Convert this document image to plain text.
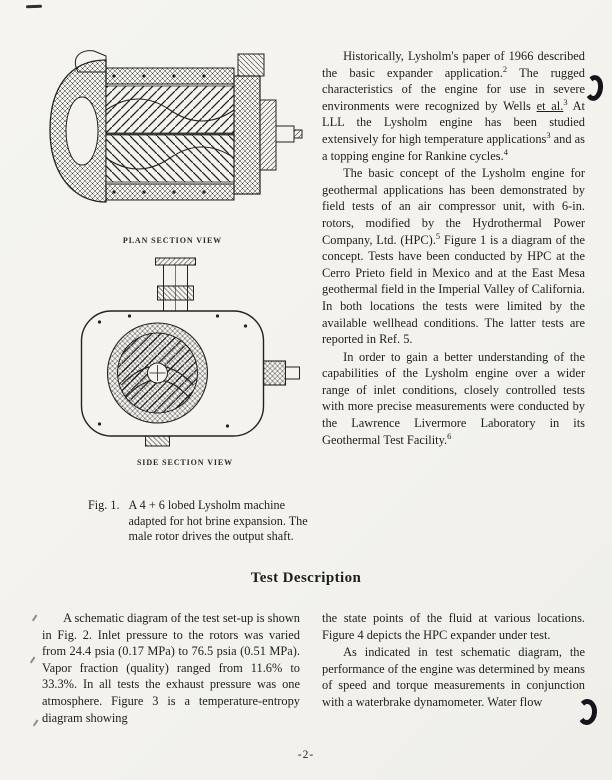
PLAN SECTION VIEW
SIDE SECTION VIEW
Fig. 1. A 4 + 6 lobed Lysholm machine adapted for hot brine expansion. The male rotor drives the output shaft.

Historically, Lysholm's paper of 1966 described the basic expander application.$^2$ The rugged characteristics of the engine for use in severe environments were recognized by Wells et al.$^3$ At LLL the Lysholm engine has been studied extensively for high temperature applications$^3$ and as a topping engine for Rankine cycles.$^4$

The basic concept of the Lysholm engine for geothermal applications has been demonstrated by field tests of an air compressor unit, with 6-in. rotors, modified by the Hydrothermal Power Company, Ltd. (HPC).$^5$ Figure 1 is a diagram of the concept. Tests have been conducted by HPC at the Cerro Prieto field in Mexico and at the East Mesa geothermal field in the Imperial Valley of California. In both locations the tests were limited by the available wellhead conditions. The latter tests are reported in Ref. 5.

In order to gain a better understanding of the capabilities of the Lysholm engine over a wider range of inlet conditions, closely controlled tests with more precise measurements were conducted by the Lawrence Livermore Laboratory in its Geothermal Test Facility.$^6$

Test Description

A schematic diagram of the test set-up is shown in Fig. 2. Inlet pressure to the rotors was varied from 24.4 psia (0.17 MPa) to 76.5 psia (0.51 MPa). Vapor fraction (quality) ranged from 11.6% to 33.3%. In all tests the exhaust pressure was one atmosphere. Figure 3 is a temperature-entropy diagram showing

the state points of the fluid at various locations. Figure 4 depicts the HPC expander under test.

As indicated in test schematic diagram, the performance of the engine was determined by means of speed and torque measurements in conjunction with a waterbrake dynamometer. Water flow

-2-
